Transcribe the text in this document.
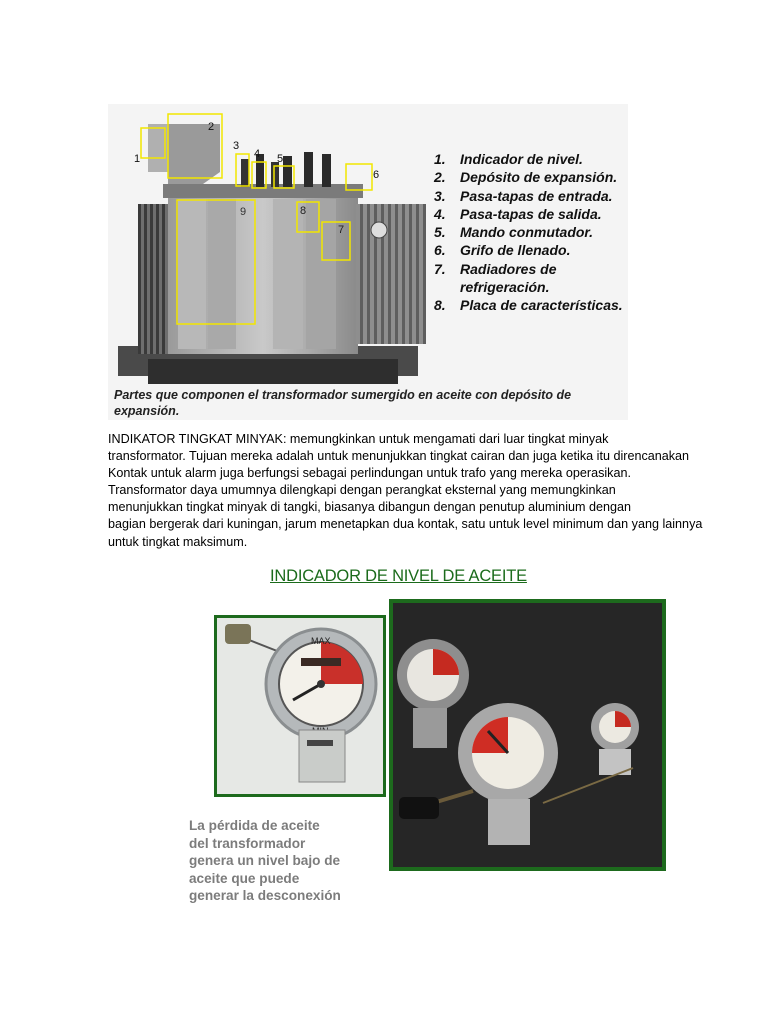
1
2
3
4 5
6
9	8
7
1. Indicador de nivel.
2. Depósito de expansión.
3. Pasa-tapas de entrada.
4. Pasa-tapas de salida.
5. Mando conmutador.
6. Grifo de llenado.
7. Radiadores de refrigeración.
8. Placa de características.
Partes que componen el transformador sumergido en aceite con depósito de expansión.
INDIKATOR TINGKAT MINYAK: memungkinkan untuk mengamati dari luar tingkat minyak
transformator. Tujuan mereka adalah untuk menunjukkan tingkat cairan dan juga ketika itu direncanakan
Kontak untuk alarm juga berfungsi sebagai perlindungan untuk trafo yang mereka operasikan.
Transformator daya umumnya dilengkapi dengan perangkat eksternal yang memungkinkan
menunjukkan tingkat minyak di tangki, biasanya dibangun dengan penutup aluminium dengan
bagian bergerak dari kuningan, jarum menetapkan dua kontak, satu untuk level minimum dan yang lainnya
untuk tingkat maksimum.
INDICADOR DE NIVEL DE ACEITE
MAX
La pérdida de aceite
del transformador
genera un nivel bajo de
aceite que puede
generar la desconexión
